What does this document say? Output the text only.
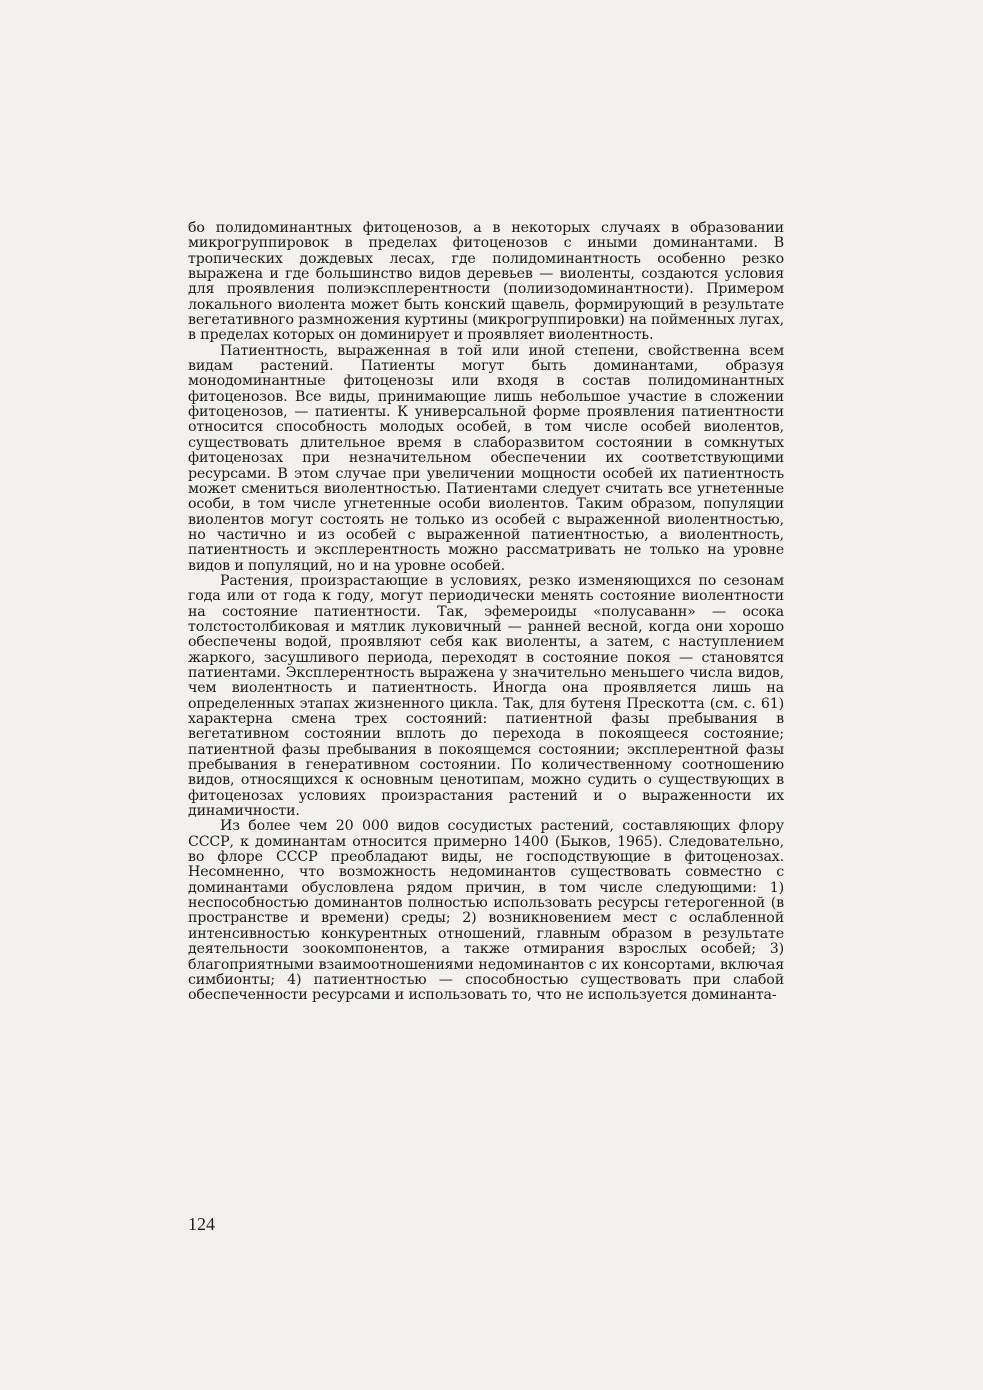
бо полидоминантных фитоценозов, а в некоторых случаях в образовании микрогруппировок в пределах фитоценозов с иными доминантами. В тропических дождевых лесах, где полидоминантность особенно резко выражена и где большинство видов деревьев — виоленты, создаются условия для проявления полиэксплерентности (полиизодоминантности). Примером локального виолента может быть конский щавель, формирующий в результате вегетативного размножения куртины (микрогруппировки) на пойменных лугах, в пределах которых он доминирует и проявляет виолентность.

Патиентность, выраженная в той или иной степени, свойственна всем видам растений. Патиенты могут быть доминантами, образуя монодоминантные фитоценозы или входя в состав полидоминантных фитоценозов. Все виды, принимающие лишь небольшое участие в сложении фитоценозов, — патиенты. К универсальной форме проявления патиентности относится способность молодых особей, в том числе особей виолентов, существовать длительное время в слаборазвитом состоянии в сомкнутых фитоценозах при незначительном обеспечении их соответствующими ресурсами. В этом случае при увеличении мощности особей их патиентность может смениться виолентностью. Патиентами следует считать все угнетенные особи, в том числе угнетенные особи виолентов. Таким образом, популяции виолентов могут состоять не только из особей с выраженной виолентностью, но частично и из особей с выраженной патиентностью, а виолентность, патиентность и эксплерентность можно рассматривать не только на уровне видов и популяций, но и на уровне особей.

Растения, произрастающие в условиях, резко изменяющихся по сезонам года или от года к году, могут периодически менять состояние виолентности на состояние патиентности. Так, эфемероиды «полусаванн» — осока толстостолбиковая и мятлик луковичный — ранней весной, когда они хорошо обеспечены водой, проявляют себя как виоленты, а затем, с наступлением жаркого, засушливого периода, переходят в состояние покоя — становятся патиентами. Эксплерентность выражена у значительно меньшего числа видов, чем виолентность и патиентность. Иногда она проявляется лишь на определенных этапах жизненного цикла. Так, для бутеня Прескотта (см. с. 61) характерна смена трех состояний: патиентной фазы пребывания в вегетативном состоянии вплоть до перехода в покоящееся состояние; патиентной фазы пребывания в покоящемся состоянии; эксплерентной фазы пребывания в генеративном состоянии. По количественному соотношению видов, относящихся к основным ценотипам, можно судить о существующих в фитоценозах условиях произрастания растений и о выраженности их динамичности.

Из более чем 20 000 видов сосудистых растений, составляющих флору СССР, к доминантам относится примерно 1400 (Быков, 1965). Следовательно, во флоре СССР преобладают виды, не господствующие в фитоценозах. Несомненно, что возможность недоминантов существовать совместно с доминантами обусловлена рядом причин, в том числе следующими: 1) неспособностью доминантов полностью использовать ресурсы гетерогенной (в пространстве и времени) среды; 2) возникновением мест с ослабленной интенсивностью конкурентных отношений, главным образом в результате деятельности зоокомпонентов, а также отмирания взрослых особей; 3) благоприятными взаимоотношениями недоминантов с их консортами, включая симбионты; 4) патиентностью — способностью существовать при слабой обеспеченности ресурсами и использовать то, что не используется доминанта-

124
